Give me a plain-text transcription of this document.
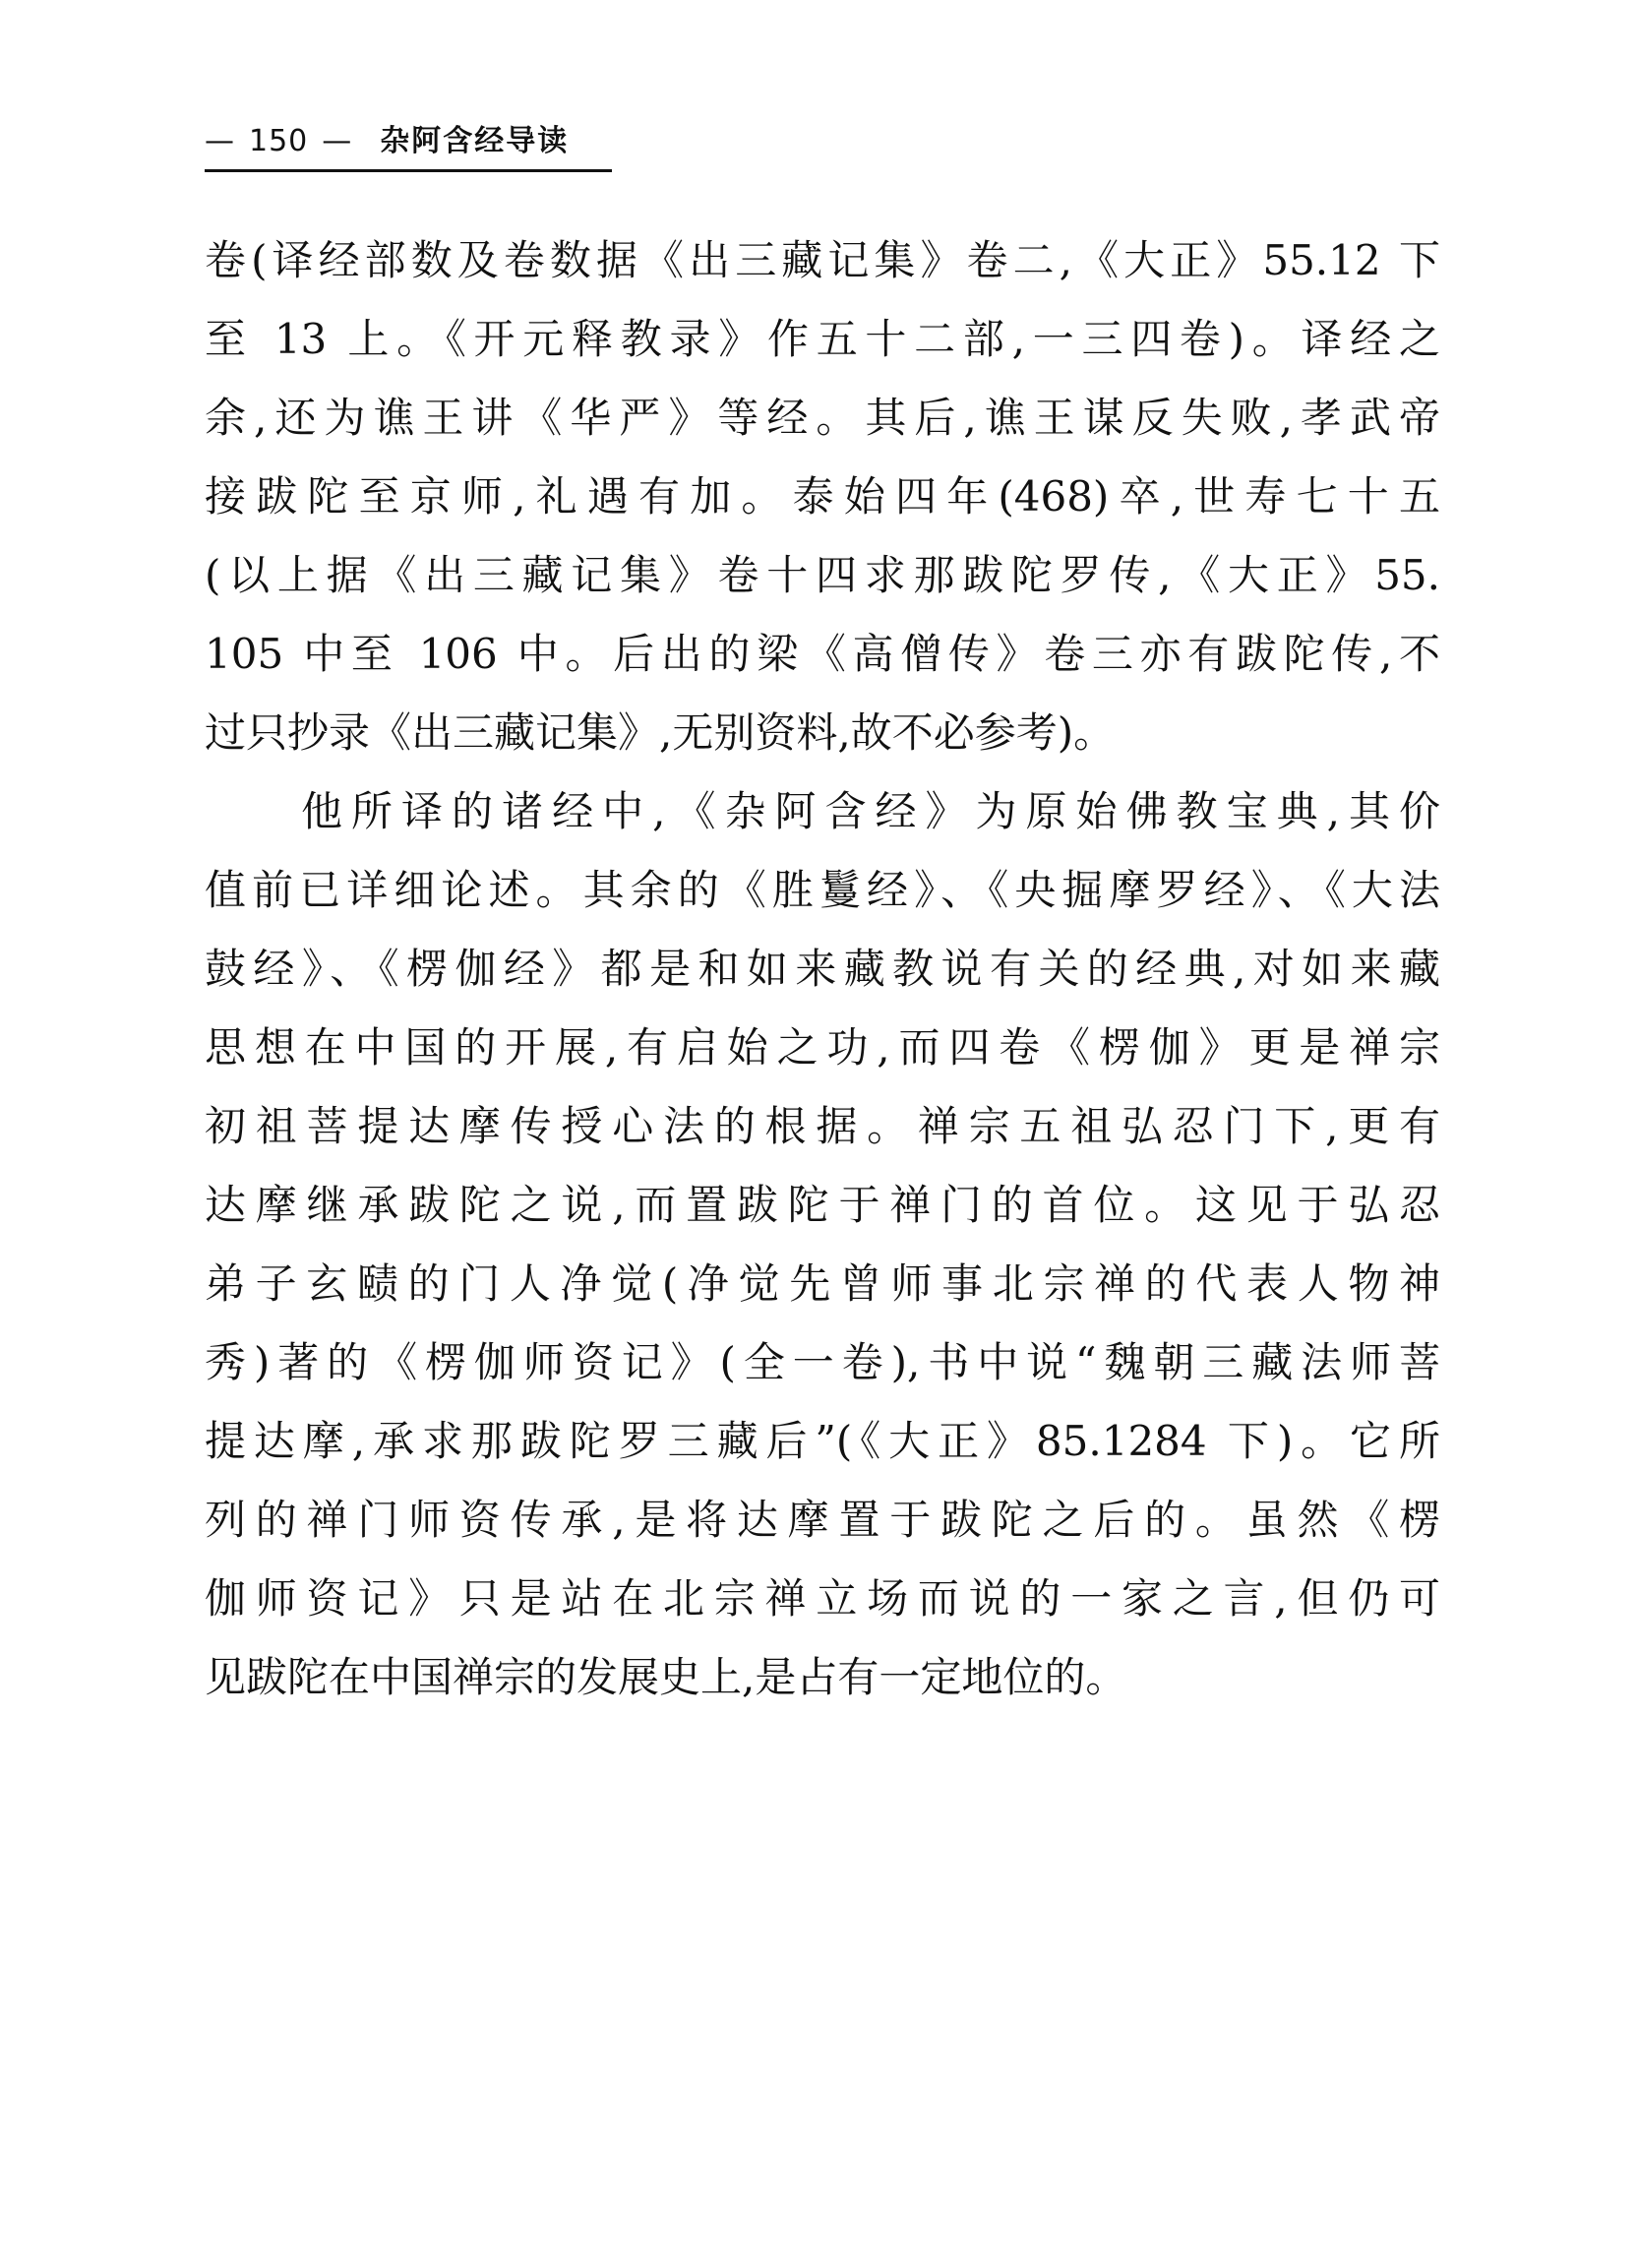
— 150 — 杂阿含经导读
卷(译经部数及卷数据《出三藏记集》卷二,《大正》55.12 下
至 13 上。《开元释教录》作五十二部,一三四卷)。译经之
余,还为谯王讲《华严》等经。其后,谯王谋反失败,孝武帝
接跋陀至京师,礼遇有加。泰始四年(468)卒,世寿七十五
(以上据《出三藏记集》卷十四求那跋陀罗传,《大正》55.
105 中至 106 中。后出的梁《高僧传》卷三亦有跋陀传,不
过只抄录《出三藏记集》,无别资料,故不必参考)。
他所译的诸经中,《杂阿含经》为原始佛教宝典,其价
值前已详细论述。其余的《胜鬘经》、《央掘摩罗经》、《大法
鼓经》、《楞伽经》都是和如来藏教说有关的经典,对如来藏
思想在中国的开展,有启始之功,而四卷《楞伽》更是禅宗
初祖菩提达摩传授心法的根据。禅宗五祖弘忍门下,更有
达摩继承跋陀之说,而置跋陀于禅门的首位。这见于弘忍
弟子玄赜的门人净觉(净觉先曾师事北宗禅的代表人物神
秀)著的《楞伽师资记》(全一卷),书中说“魏朝三藏法师菩
提达摩,承求那跋陀罗三藏后”(《大正》85.1284 下)。它所
列的禅门师资传承,是将达摩置于跋陀之后的。虽然《楞
伽师资记》只是站在北宗禅立场而说的一家之言,但仍可
见跋陀在中国禅宗的发展史上,是占有一定地位的。
